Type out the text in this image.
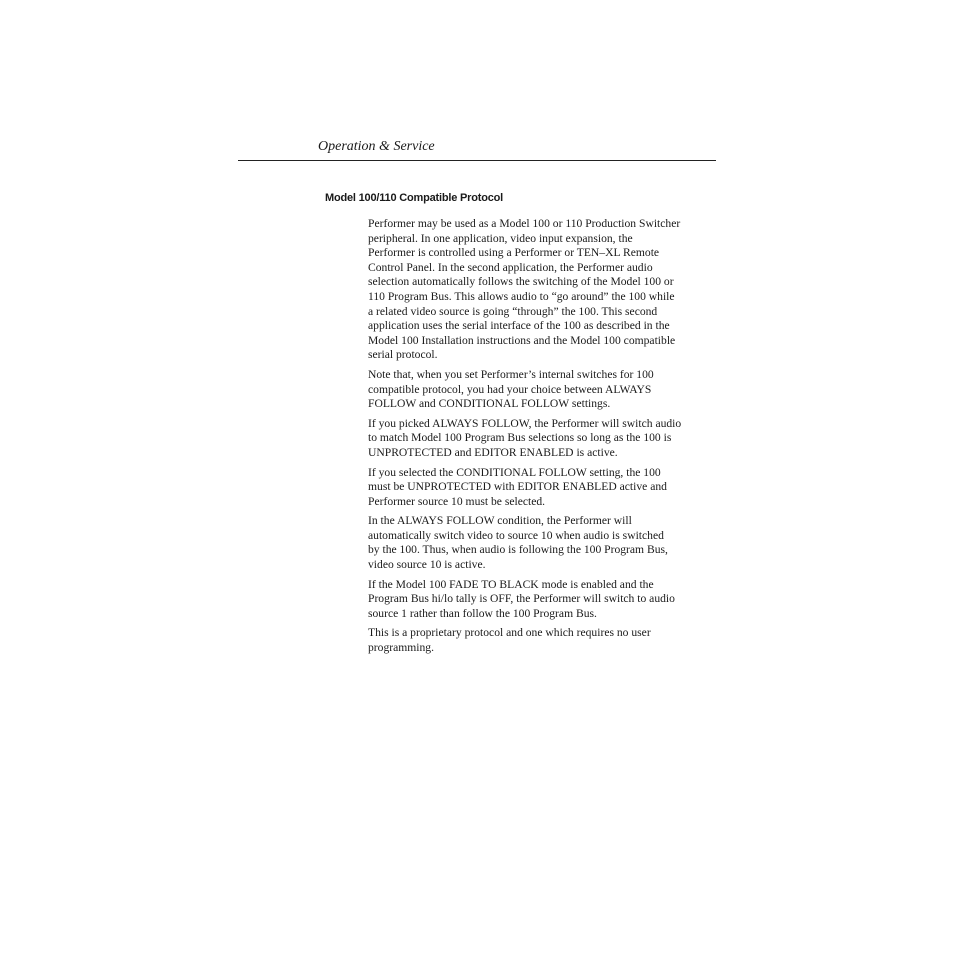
Operation & Service
Model 100/110 Compatible Protocol

Performer may be used as a Model 100 or 110 Production Switcher
peripheral. In one application, video input expansion, the
Performer is controlled using a Performer or TEN–XL Remote
Control Panel. In the second application, the Performer audio
selection automatically follows the switching of the Model 100 or
110 Program Bus. This allows audio to “go around” the 100 while
a related video source is going “through” the 100. This second
application uses the serial interface of the 100 as described in the
Model 100 Installation instructions and the Model 100 compatible
serial protocol.

Note that, when you set Performer’s internal switches for 100
compatible protocol, you had your choice between ALWAYS
FOLLOW and CONDITIONAL FOLLOW settings.

If you picked ALWAYS FOLLOW, the Performer will switch audio
to match Model 100 Program Bus selections so long as the 100 is
UNPROTECTED and EDITOR ENABLED is active.

If you selected the CONDITIONAL FOLLOW setting, the 100
must be UNPROTECTED with EDITOR ENABLED active and
Performer source 10 must be selected.

In the ALWAYS FOLLOW condition, the Performer will
automatically switch video to source 10 when audio is switched
by the 100. Thus, when audio is following the 100 Program Bus,
video source 10 is active.

If the Model 100 FADE TO BLACK mode is enabled and the
Program Bus hi/lo tally is OFF, the Performer will switch to audio
source 1 rather than follow the 100 Program Bus.

This is a proprietary protocol and one which requires no user
programming.
